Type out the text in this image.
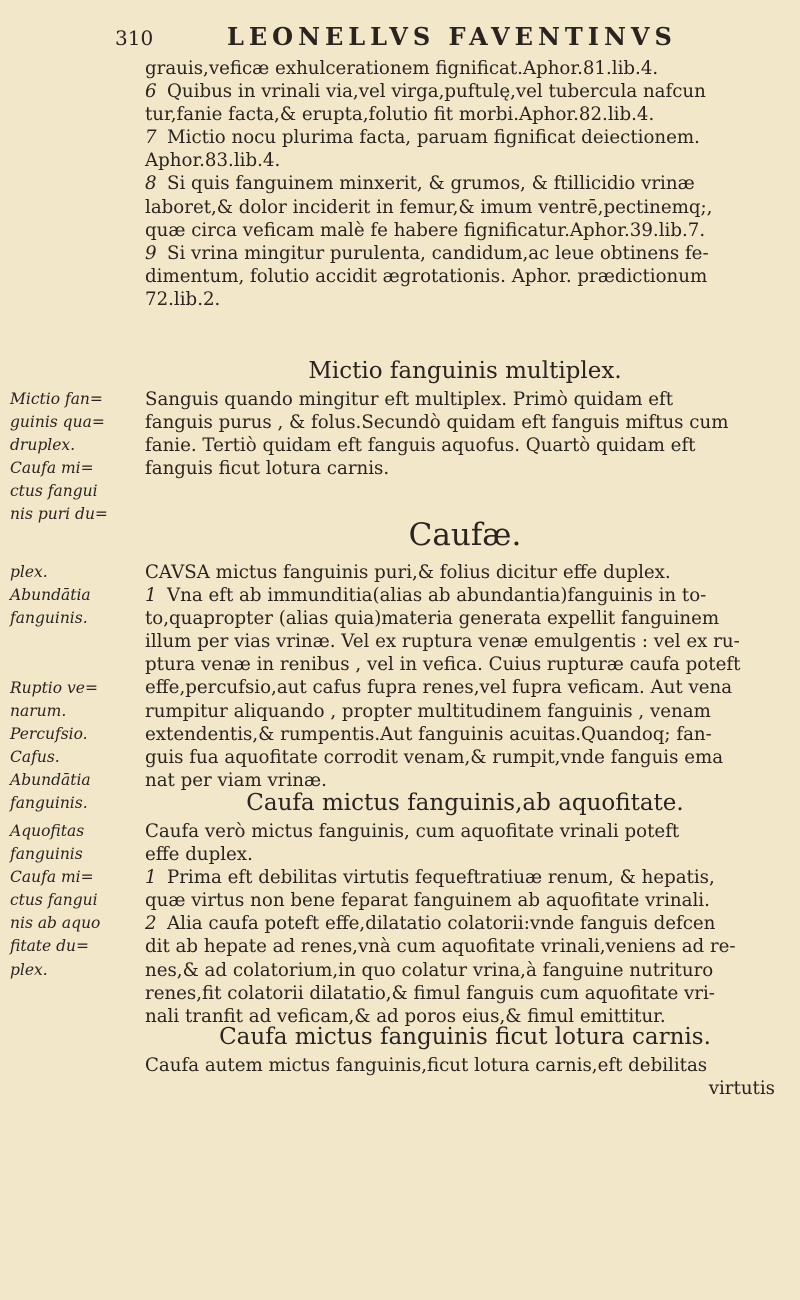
310	LEONELLVS FAVENTINVS
grauis,veficæ exhulcerationem fignificat.Aphor.81.lib.4.
6 Quibus in vrinali via,vel virga,puftulę,vel tubercula nafcun
tur,fanie facta,& erupta,folutio fit morbi.Aphor.82.lib.4.
7 Mictio nocu plurima facta, paruam fignificat deiectionem.
Aphor.83.lib.4.
8 Si quis fanguinem minxerit, & grumos, & ftillicidio vrinæ
laboret,& dolor inciderit in femur,& imum ventrē,pectinemq;,
quæ circa veficam malè fe habere fignificatur.Aphor.39.lib.7.
9 Si vrina mingitur purulenta, candidum,ac leue obtinens fe-
dimentum, folutio accidit ægrotationis. Aphor. prædictionum
72.lib.2.
Mictio fanguinis multiplex.
Sanguis quando mingitur eft multiplex. Primò quidam eft
fanguis purus , & folus.Secundò quidam eft fanguis miftus cum
fanie. Tertiò quidam eft fanguis aquofus. Quartò quidam eft
fanguis ficut lotura carnis.
Caufæ.
CAVSA mictus fanguinis puri,& folius dicitur effe duplex.
1 Vna eft ab immunditia(alias ab abundantia)fanguinis in to-
to,quapropter (alias quia)materia generata expellit fanguinem
illum per vias vrinæ. Vel ex ruptura venæ emulgentis : vel ex ru-
ptura venæ in renibus , vel in vefica. Cuius rupturæ caufa poteft
effe,percufsio,aut cafus fupra renes,vel fupra veficam. Aut vena
rumpitur aliquando , propter multitudinem fanguinis , venam
extendentis,& rumpentis.Aut fanguinis acuitas.Quandoq; fan-
guis fua aquofitate corrodit venam,& rumpit,vnde fanguis ema
nat per viam vrinæ.
Caufa mictus fanguinis,ab aquofitate.
Caufa verò mictus fanguinis, cum aquofitate vrinali poteft
effe duplex.
1 Prima eft debilitas virtutis fequeftratiuæ renum, & hepatis,
quæ virtus non bene feparat fanguinem ab aquofitate vrinali.
2 Alia caufa poteft effe,dilatatio colatorii:vnde fanguis defcen
dit ab hepate ad renes,vnà cum aquofitate vrinali,veniens ad re-
nes,& ad colatorium,in quo colatur vrina,à fanguine nutrituro
renes,fit colatorii dilatatio,& fimul fanguis cum aquofitate vri-
nali tranfit ad veficam,& ad poros eius,& fimul emittitur.
Caufa mictus fanguinis ficut lotura carnis.
Caufa autem mictus fanguinis,ficut lotura carnis,eft debilitas
virtutis
Mictio fan=
guinis qua=
druplex.
Caufa mi=
ctus fangui
nis puri du=
plex.
Abundātia
fanguinis.
Ruptio ve=
narum.
Percufsio.
Cafus.
Abundātia
fanguinis.
Aquofitas
fanguinis
Caufa mi=
ctus fangui
nis ab aquo
fitate du=
plex.
